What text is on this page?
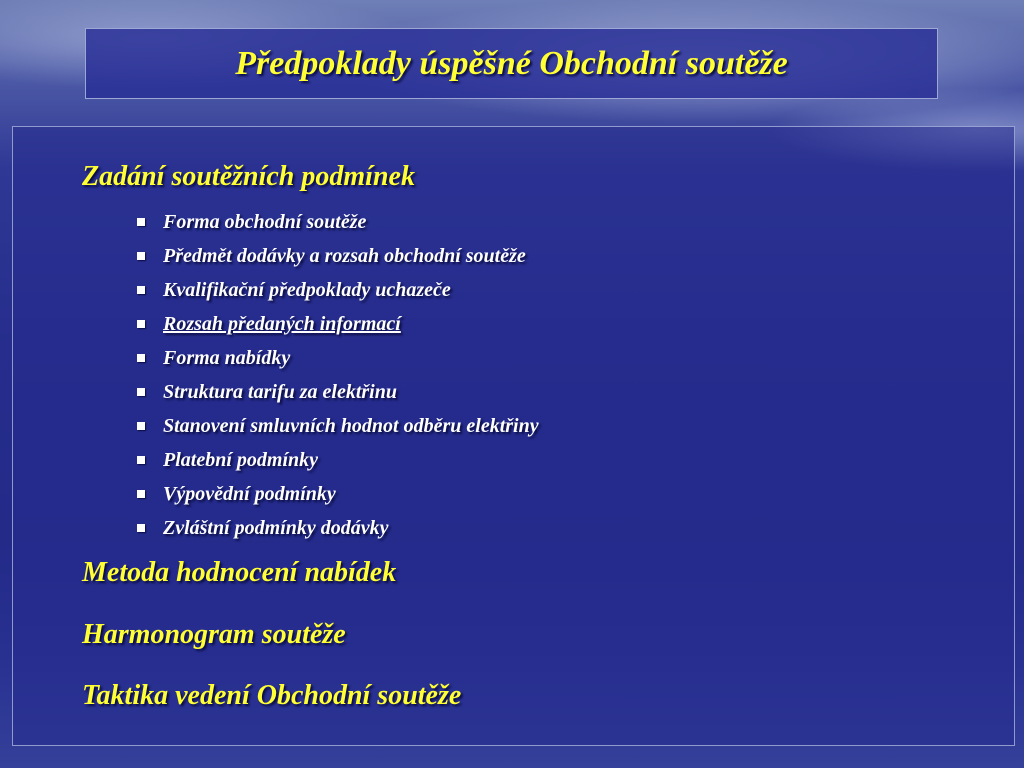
Předpoklady úspěšné Obchodní soutěže
Zadání soutěžních podmínek
Forma obchodní soutěže
Předmět dodávky a rozsah obchodní soutěže
Kvalifikační předpoklady uchazeče
Rozsah předaných informací
Forma nabídky
Struktura tarifu za elektřinu
Stanovení smluvních hodnot odběru elektřiny
Platební podmínky
Výpovědní podmínky
Zvláštní podmínky dodávky
Metoda hodnocení nabídek
Harmonogram soutěže
Taktika vedení Obchodní soutěže
